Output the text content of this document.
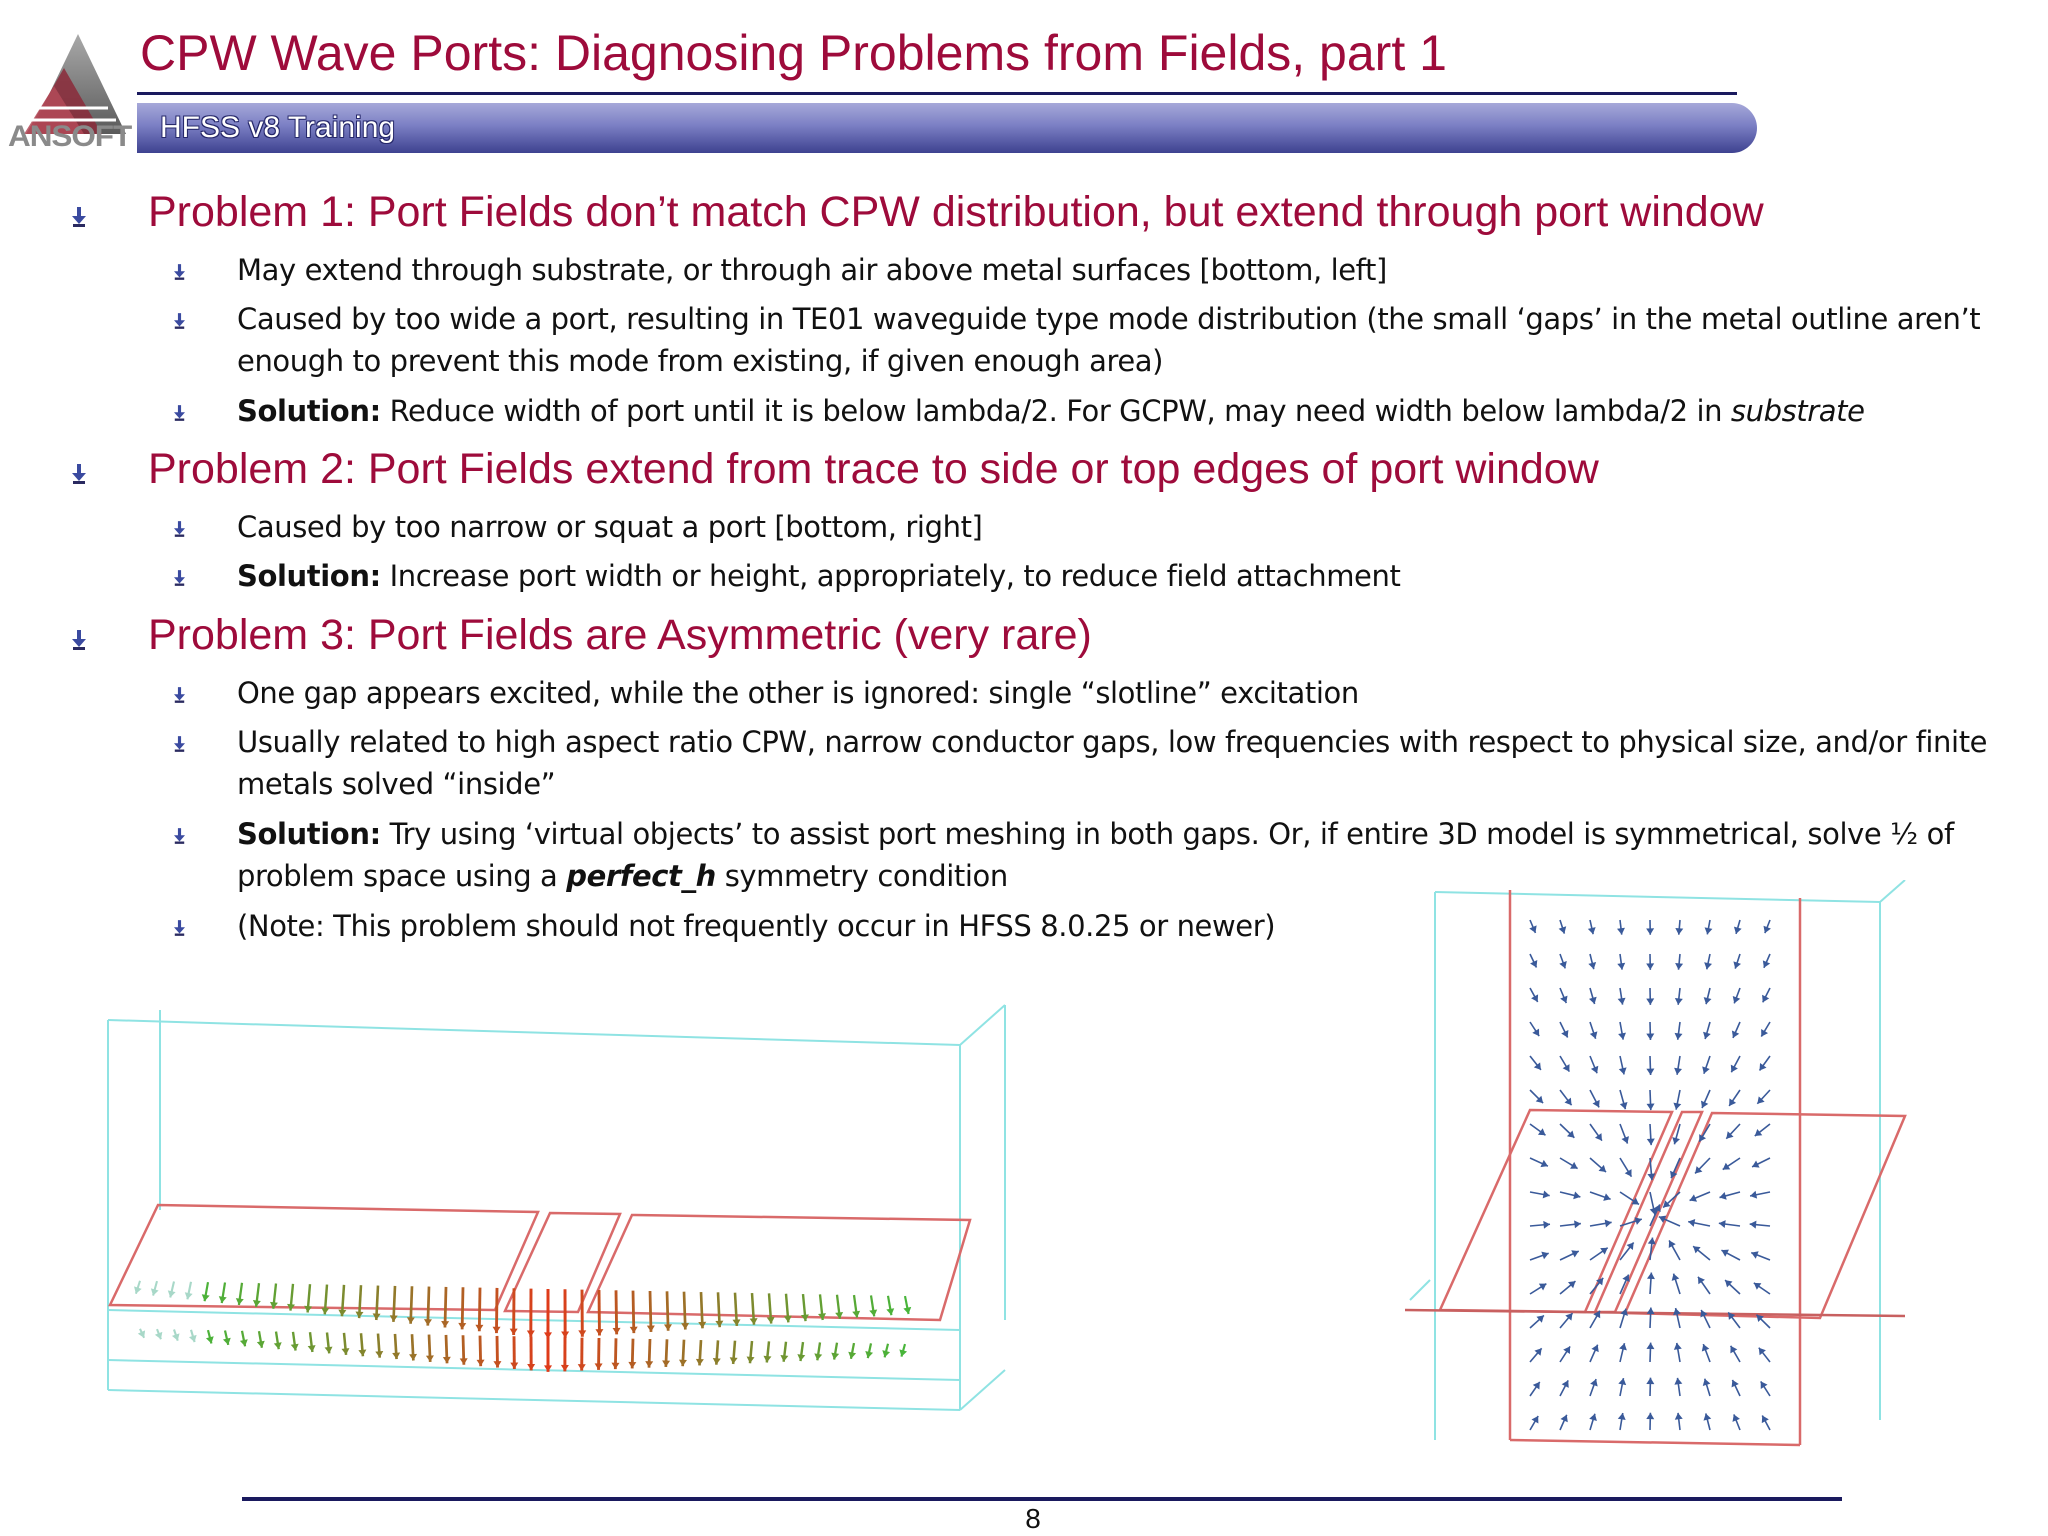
ANSOFT
CPW Wave Ports: Diagnosing Problems from Fields, part 1
HFSS v8 Training
Problem 1: Port Fields don’t match CPW distribution, but extend through port window
May extend through substrate, or through air above metal surfaces [bottom, left]
Caused by too wide a port, resulting in TE01 waveguide type mode distribution (the small ‘gaps’ in the metal outline aren’t enough to prevent this mode from existing, if given enough area)
Solution: Reduce width of port until it is below lambda/2. For GCPW, may need width below lambda/2 in substrate
Problem 2: Port Fields extend from trace to side or top edges of port window
Caused by too narrow or squat a port [bottom, right]
Solution: Increase port width or height, appropriately, to reduce field attachment
Problem 3: Port Fields are Asymmetric (very rare)
One gap appears excited, while the other is ignored: single “slotline” excitation
Usually related to high aspect ratio CPW, narrow conductor gaps, low frequencies with respect to physical size, and/or finite metals solved “inside”
Solution: Try using ‘virtual objects’ to assist port meshing in both gaps. Or, if entire 3D model is symmetrical, solve ½ of problem space using a perfect_h symmetry condition
(Note: This problem should not frequently occur in HFSS 8.0.25 or newer)
8
